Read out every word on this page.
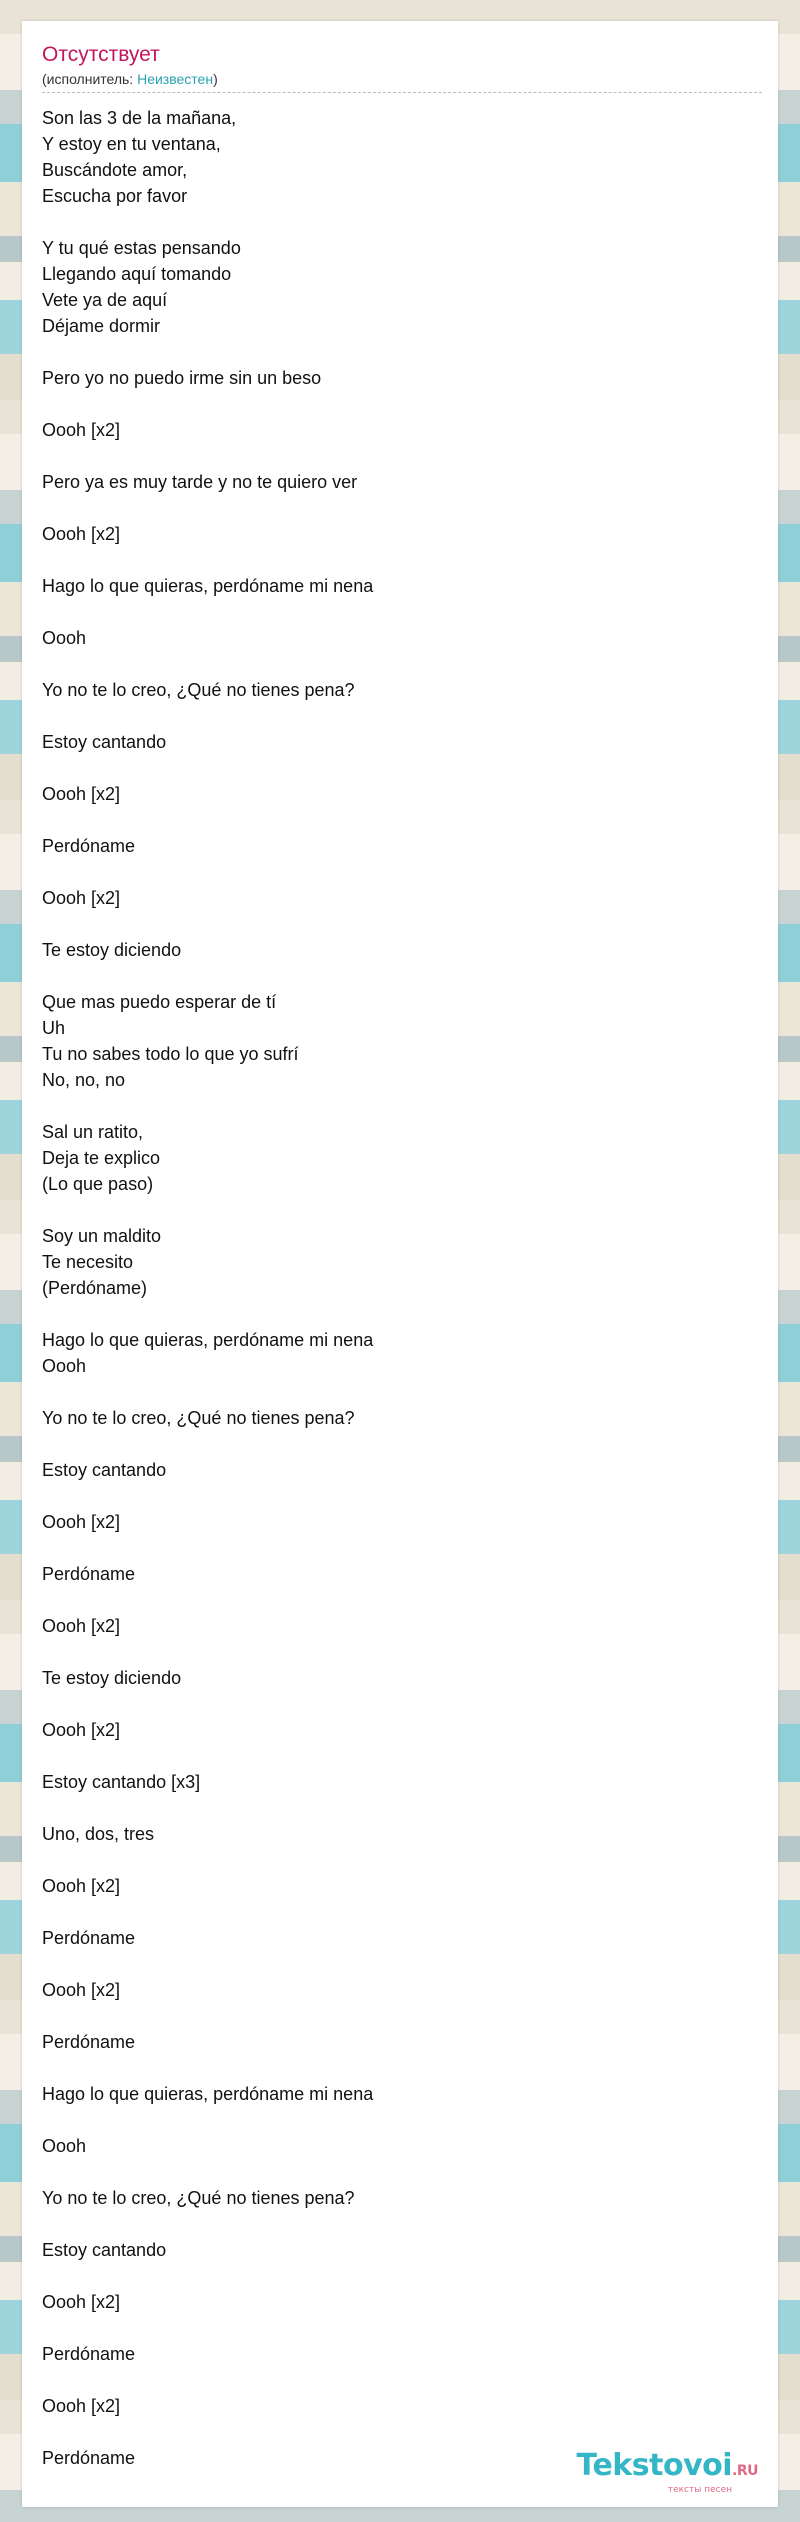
Отсутствует
(исполнитель: Неизвестен)
Son las 3 de la mañana,
Y estoy en tu ventana,
Buscándote amor,
Escucha por favor

Y tu qué estas pensando
Llegando aquí tomando
Vete ya de aquí
Déjame dormir

Pero yo no puedo irme sin un beso

Oooh [x2]

Pero ya es muy tarde y no te quiero ver

Oooh [x2]

Hago lo que quieras, perdóname mi nena

Oooh

Yo no te lo creo, ¿Qué no tienes pena?

Estoy cantando

Oooh [x2]

Perdóname

Oooh [x2]

Te estoy diciendo

Que mas puedo esperar de tí
Uh
Tu no sabes todo lo que yo sufrí
No, no, no

Sal un ratito,
Deja te explico
(Lo que paso)

Soy un maldito
Te necesito
(Perdóname)

Hago lo que quieras, perdóname mi nena
Oooh

Yo no te lo creo, ¿Qué no tienes pena?

Estoy cantando

Oooh [x2]

Perdóname

Oooh [x2]

Te estoy diciendo

Oooh [x2]

Estoy cantando [x3]

Uno, dos, tres

Oooh [x2]

Perdóname

Oooh [x2]

Perdóname

Hago lo que quieras, perdóname mi nena

Oooh

Yo no te lo creo, ¿Qué no tienes pena?

Estoy cantando

Oooh [x2]

Perdóname

Oooh [x2]

Perdóname	Tekstovoi.RU
тексты песен
